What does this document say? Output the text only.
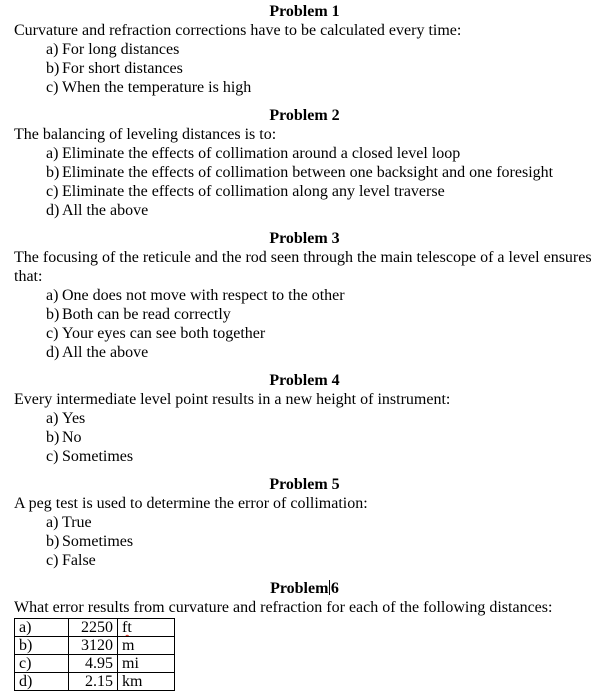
Problem 1
Curvature and refraction corrections have to be calculated every time:
a) For long distances
b) For short distances
c) When the temperature is high
Problem 2
The balancing of leveling distances is to:
a) Eliminate the effects of collimation around a closed level loop
b) Eliminate the effects of collimation between one backsight and one foresight
c) Eliminate the effects of collimation along any level traverse
d) All the above
Problem 3
The focusing of the reticule and the rod seen through the main telescope of a level ensures that:
a) One does not move with respect to the other
b) Both can be read correctly
c) Your eyes can see both together
d) All the above
Problem 4
Every intermediate level point results in a new height of instrument:
a) Yes
b) No
c) Sometimes
Problem 5
A peg test is used to determine the error of collimation:
a) True
b) Sometimes
c) False
Problem 6
What error results from curvature and refraction for each of the following distances:
a)	2250	ft
b)	3120	m
c)	4.95	mi
d)	2.15	km
